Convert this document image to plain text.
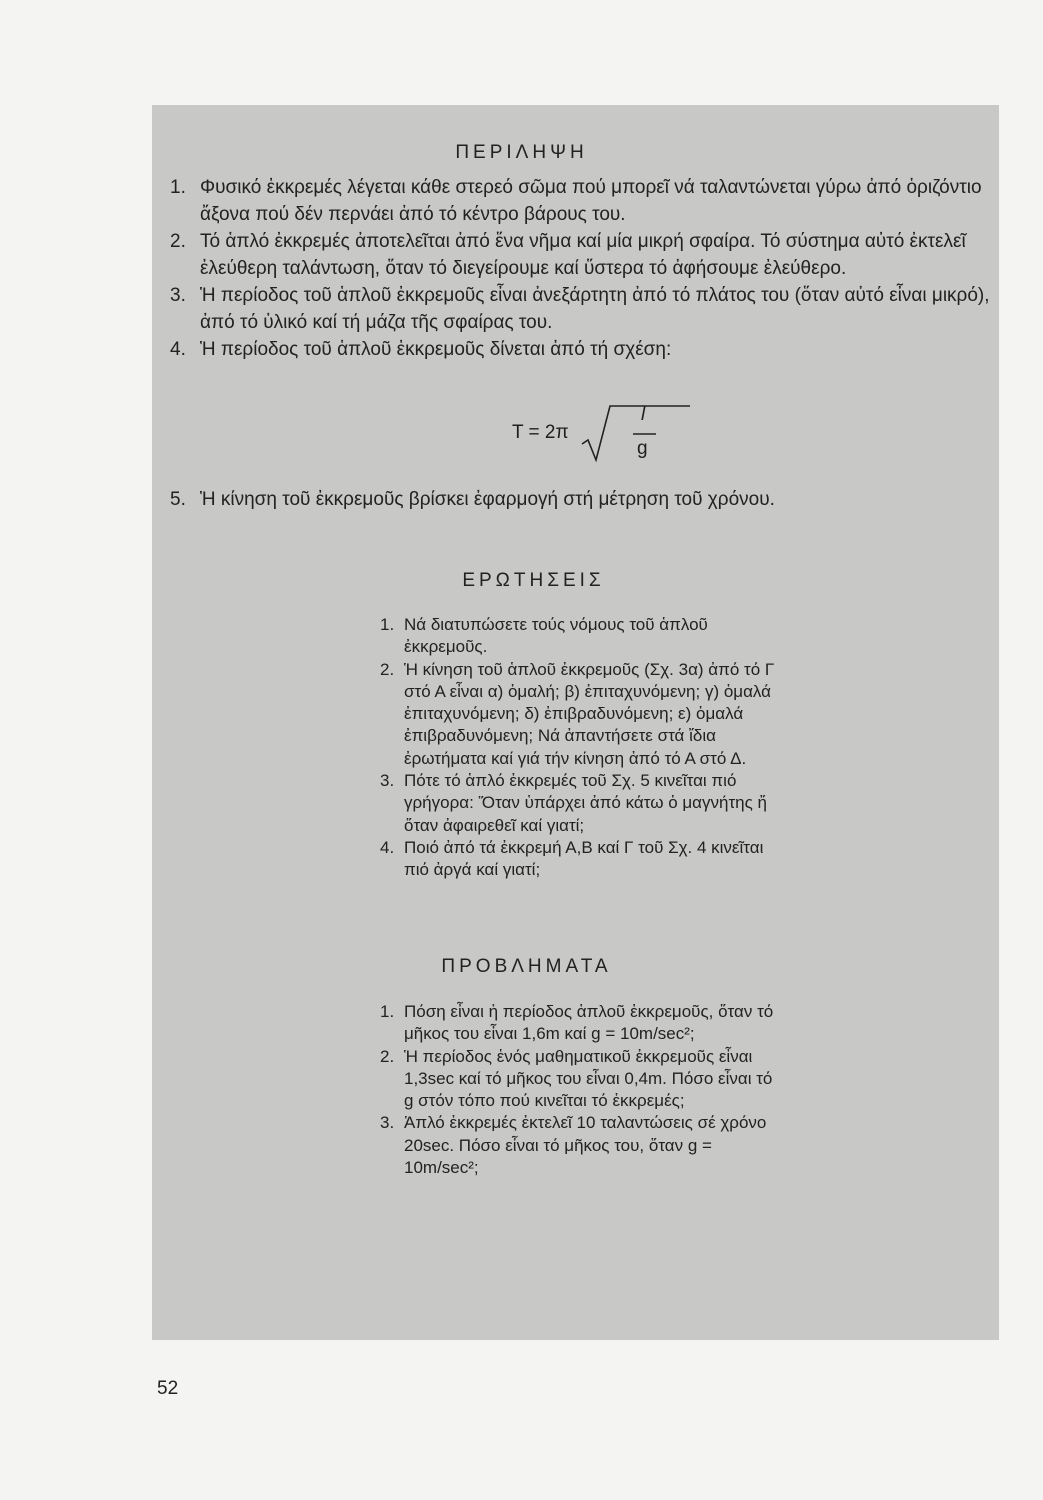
ΠΕΡΙΛΗΨΗ
1. Φυσικό ἐκκρεμές λέγεται κάθε στερεό σῶμα πού μπορεῖ νά ταλαντώνεται γύρω ἀπό ὁριζόντιο ἄξονα πού δέν περνάει ἀπό τό κέντρο βάρους του.
2. Τό ἁπλό ἐκκρεμές ἀποτελεῖται ἀπό ἕνα νῆμα καί μία μικρή σφαίρα. Τό σύστημα αὐτό ἐκτελεῖ ἐλεύθερη ταλάντωση, ὅταν τό διεγείρουμε καί ὕστερα τό ἀφήσουμε ἐλεύθερο.
3. Ἡ περίοδος τοῦ ἁπλοῦ ἐκκρεμοῦς εἶναι ἀνεξάρτητη ἀπό τό πλάτος του (ὅταν αὐτό εἶναι μικρό), ἀπό τό ὑλικό καί τή μάζα τῆς σφαίρας του.
4. Ἡ περίοδος τοῦ ἁπλοῦ ἐκκρεμοῦς δίνεται ἀπό τή σχέση:
T = 2π
l
g
5. Ἡ κίνηση τοῦ ἐκκρεμοῦς βρίσκει ἐφαρμογή στή μέτρηση τοῦ χρόνου.
ΕΡΩΤΗΣΕΙΣ
1. Νά διατυπώσετε τούς νόμους τοῦ ἁπλοῦ ἐκκρεμοῦς.
2. Ἡ κίνηση τοῦ ἁπλοῦ ἐκκρεμοῦς (Σχ. 3α) ἀπό τό Γ στό Α εἶναι α) ὁμαλή; β) ἐπιταχυνόμενη; γ) ὁμαλά ἐπιταχυνόμενη; δ) ἐπιβραδυνόμενη; ε) ὁμαλά ἐπιβραδυνόμενη; Νά ἀπαντήσετε στά ἴδια ἐρωτήματα καί γιά τήν κίνηση ἀπό τό Α στό Δ.
3. Πότε τό ἁπλό ἐκκρεμές τοῦ Σχ. 5 κινεῖται πιό γρήγορα: Ὅταν ὑπάρχει ἀπό κάτω ὁ μαγνήτης ἤ ὅταν ἀφαιρεθεῖ καί γιατί;
4. Ποιό ἀπό τά ἐκκρεμή Α,Β καί Γ τοῦ Σχ. 4 κινεῖται πιό ἀργά καί γιατί;
ΠΡΟΒΛΗΜΑΤΑ
1. Πόση εἶναι ἡ περίοδος ἁπλοῦ ἐκκρεμοῦς, ὅταν τό μῆκος του εἶναι 1,6m καί g = 10m/sec²;
2. Ἡ περίοδος ἑνός μαθηματικοῦ ἐκκρεμοῦς εἶναι 1,3sec καί τό μῆκος του εἶναι 0,4m. Πόσο εἶναι τό g στόν τόπο πού κινεῖται τό ἐκκρεμές;
3. Ἁπλό ἐκκρεμές ἐκτελεῖ 10 ταλαντώσεις σέ χρόνο 20sec. Πόσο εἶναι τό μῆκος του, ὅταν g = 10m/sec²;
52
